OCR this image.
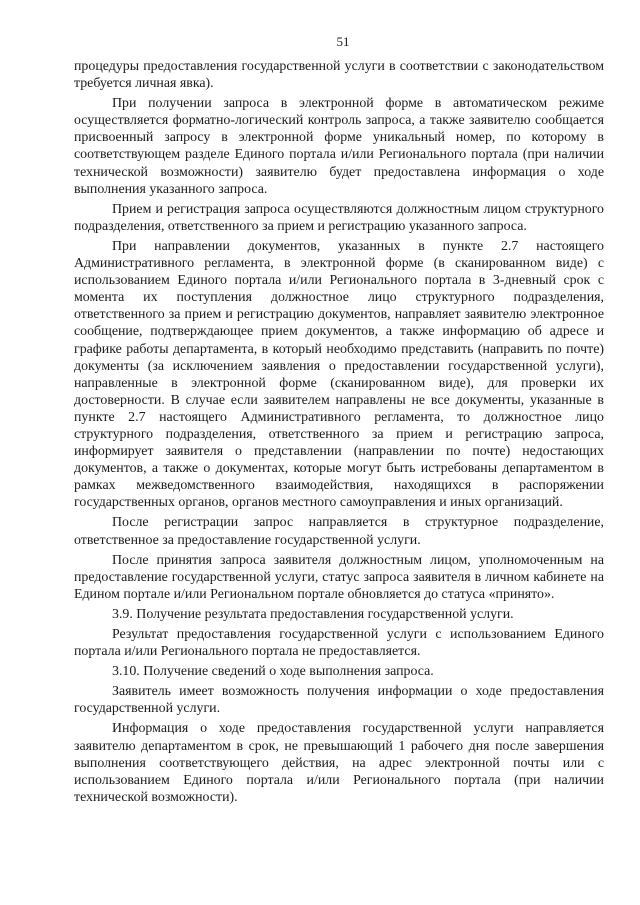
51

процедуры предоставления государственной услуги в соответствии с законодательством требуется личная явка).

При получении запроса в электронной форме в автоматическом режиме осуществляется форматно-логический контроль запроса, а также заявителю сообщается присвоенный запросу в электронной форме уникальный номер, по которому в соответствующем разделе Единого портала и/или Регионального портала (при наличии технической возможности) заявителю будет предоставлена информация о ходе выполнения указанного запроса.

Прием и регистрация запроса осуществляются должностным лицом структурного подразделения, ответственного за прием и регистрацию указанного запроса.

При направлении документов, указанных в пункте 2.7 настоящего Административного регламента, в электронной форме (в сканированном виде) с использованием Единого портала и/или Регионального портала в 3-дневный срок с момента их поступления должностное лицо структурного подразделения, ответственного за прием и регистрацию документов, направляет заявителю электронное сообщение, подтверждающее прием документов, а также информацию об адресе и графике работы департамента, в который необходимо представить (направить по почте) документы (за исключением заявления о предоставлении государственной услуги), направленные в электронной форме (сканированном виде), для проверки их достоверности. В случае если заявителем направлены не все документы, указанные в пункте 2.7 настоящего Административного регламента, то должностное лицо структурного подразделения, ответственного за прием и регистрацию запроса, информирует заявителя о представлении (направлении по почте) недостающих документов, а также о документах, которые могут быть истребованы департаментом в рамках межведомственного взаимодействия, находящихся в распоряжении государственных органов, органов местного самоуправления и иных организаций.

После регистрации запрос направляется в структурное подразделение, ответственное за предоставление государственной услуги.

После принятия запроса заявителя должностным лицом, уполномоченным на предоставление государственной услуги, статус запроса заявителя в личном кабинете на Едином портале и/или Региональном портале обновляется до статуса «принято».

3.9. Получение результата предоставления государственной услуги.

Результат предоставления государственной услуги с использованием Единого портала и/или Регионального портала не предоставляется.

3.10. Получение сведений о ходе выполнения запроса.

Заявитель имеет возможность получения информации о ходе предоставления государственной услуги.

Информация о ходе предоставления государственной услуги направляется заявителю департаментом в срок, не превышающий 1 рабочего дня после завершения выполнения соответствующего действия, на адрес электронной почты или с использованием Единого портала и/или Регионального портала (при наличии технической возможности).
